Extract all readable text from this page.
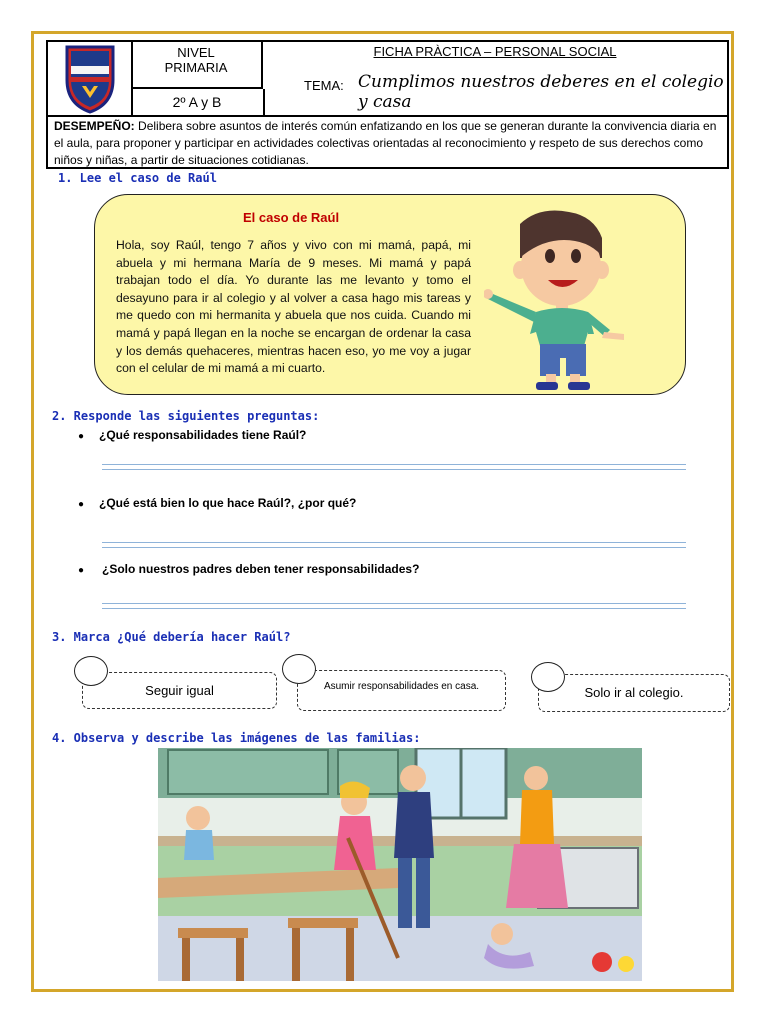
NIVEL
PRIMARIA
2º A y B
FICHA PRÀCTICA – PERSONAL SOCIAL
TEMA: Cumplimos nuestros deberes en el colegio y casa
DESEMPEÑO: Delibera sobre asuntos de interés común enfatizando en los que se generan durante la convivencia diaria en el aula, para proponer y participar en actividades colectivas orientadas al reconocimiento y respeto de sus derechos como niños y niñas, a partir de situaciones cotidianas.
1. Lee el caso de Raúl
El caso de Raúl
Hola, soy Raúl, tengo 7 años y vivo con mi mamá, papá, mi abuela y mi hermana María de 9 meses. Mi mamá y papá trabajan todo el día. Yo durante las me levanto y tomo el desayuno para ir al colegio y al volver a casa hago mis tareas y me quedo con mi hermanita y abuela que nos cuida. Cuando mi mamá y papá llegan en la noche se encargan de ordenar la casa y los demás quehaceres, mientras hacen eso, yo me voy a jugar con el celular de mi mamá a mi cuarto.
2. Responde las siguientes preguntas:
● ¿Qué responsabilidades tiene Raúl?
● ¿Qué está bien lo que hace Raúl?, ¿por qué?
● ¿Solo nuestros padres deben tener responsabilidades?
3. Marca ¿Qué debería hacer Raúl?
Seguir igual	Asumir responsabilidades en casa.	Solo ir al colegio.
4. Observa y describe las imágenes de las familias:
